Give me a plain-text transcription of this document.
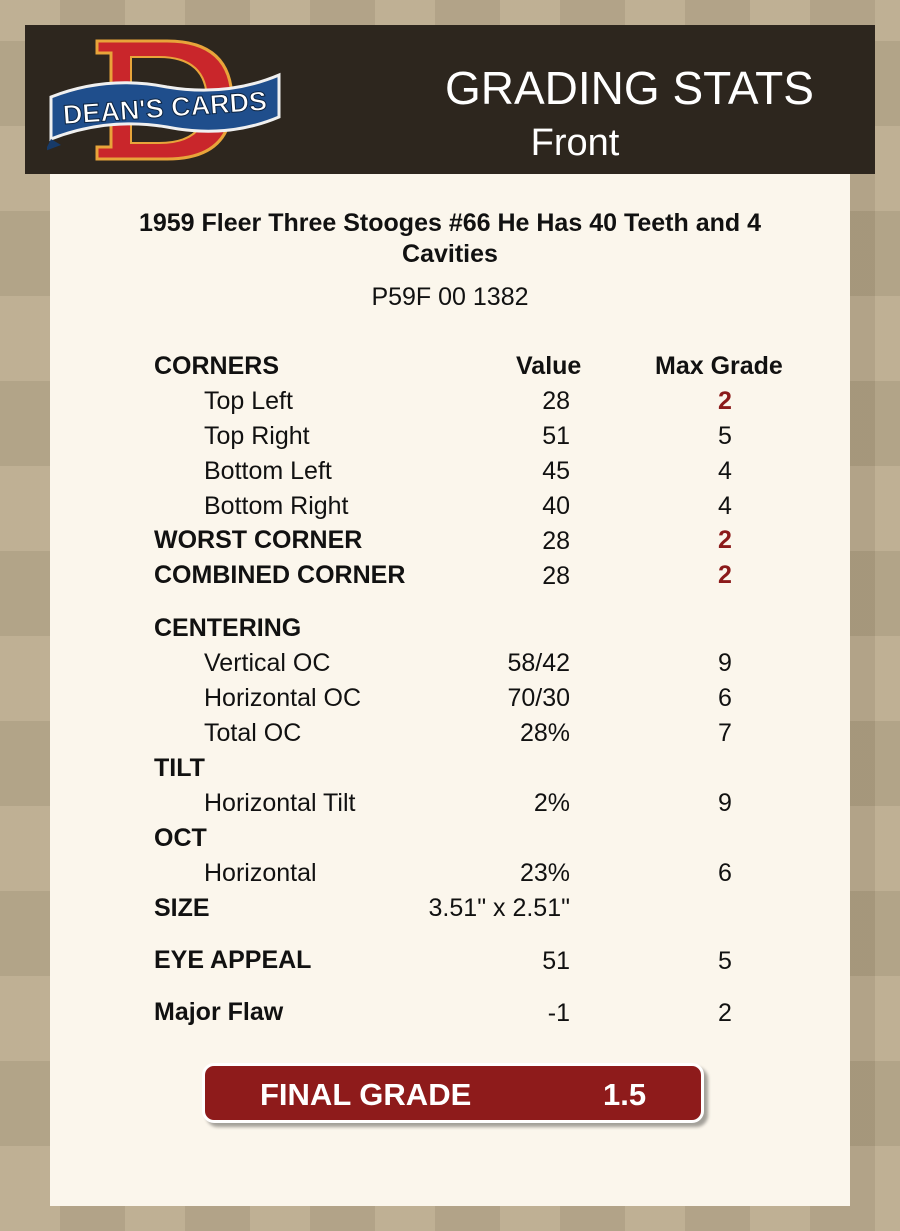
DEAN'S CARDS	GRADING STATS
Front
1959 Fleer Three Stooges #66 He Has 40 Teeth and 4 Cavities
P59F 00 1382
CORNERS	Value	Max Grade
Top Left	28	2
Top Right	51	5
Bottom Left	45	4
Bottom Right	40	4
WORST CORNER	28	2
COMBINED CORNER	28	2
CENTERING
Vertical OC	58/42	9
Horizontal OC	70/30	6
Total OC	28%	7
TILT
Horizontal Tilt	2%	9
OCT
Horizontal	23%	6
SIZE	3.51" x 2.51"
EYE APPEAL	51	5
Major Flaw	-1	2
FINAL GRADE	1.5
